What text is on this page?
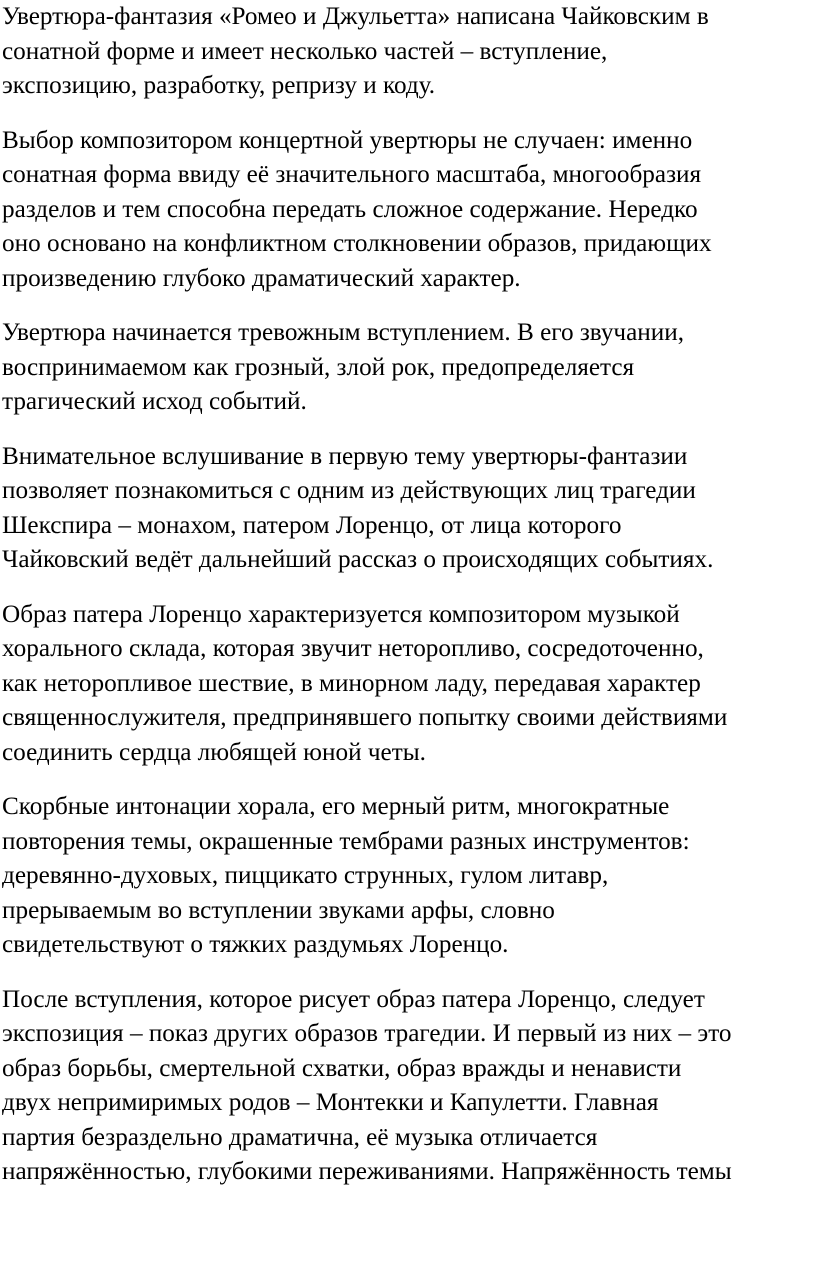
Увертюра-фантазия «Ромео и Джульетта» написана Чайковским в
сонатной форме и имеет несколько частей – вступление,
экспозицию, разработку, репризу и коду.

Выбор композитором концертной увертюры не случаен: именно
сонатная форма ввиду её значительного масштаба, многообразия
разделов и тем способна передать сложное содержание. Нередко
оно основано на конфликтном столкновении образов, придающих
произведению глубоко драматический характер.

Увертюра начинается тревожным вступлением. В его звучании,
воспринимаемом как грозный, злой рок, предопределяется
трагический исход событий.

Внимательное вслушивание в первую тему увертюры-фантазии
позволяет познакомиться с одним из действующих лиц трагедии
Шекспира – монахом, патером Лоренцо, от лица которого
Чайковский ведёт дальнейший рассказ о происходящих событиях.

Образ патера Лоренцо характеризуется композитором музыкой
хорального склада, которая звучит неторопливо, сосредоточенно,
как неторопливое шествие, в минорном ладу, передавая характер
священнослужителя, предпринявшего попытку своими действиями
соединить сердца любящей юной четы.

Скорбные интонации хорала, его мерный ритм, многократные
повторения темы, окрашенные тембрами разных инструментов:
деревянно-духовых, пиццикато струнных, гулом литавр,
прерываемым во вступлении звуками арфы, словно
свидетельствуют о тяжких раздумьях Лоренцо.

После вступления, которое рисует образ патера Лоренцо, следует
экспозиция – показ других образов трагедии. И первый из них – это
образ борьбы, смертельной схватки, образ вражды и ненависти
двух непримиримых родов – Монтекки и Капулетти. Главная
партия безраздельно драматична, её музыка отличается
напряжённостью, глубокими переживаниями. Напряжённость темы
